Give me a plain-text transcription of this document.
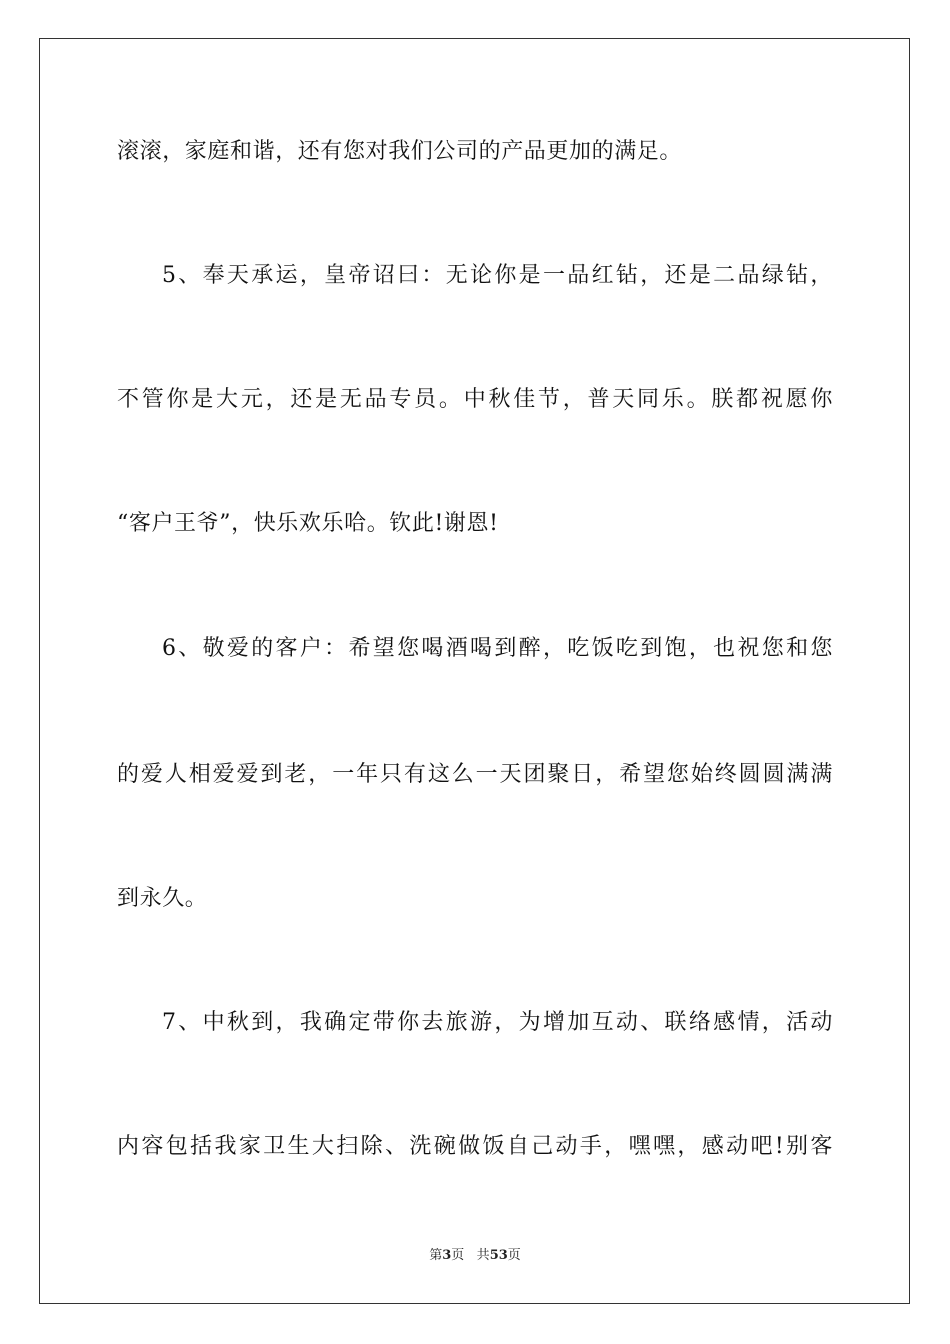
滚滚，家庭和谐，还有您对我们公司的产品更加的满足。
5、奉天承运，皇帝诏曰：无论你是一品红钻，还是二品绿钻，
不管你是大元，还是无品专员。中秋佳节，普天同乐。朕都祝愿你
“客户王爷”，快乐欢乐哈。钦此!谢恩!
6、敬爱的客户：希望您喝酒喝到醉，吃饭吃到饱，也祝您和您
的爱人相爱爱到老，一年只有这么一天团聚日，希望您始终圆圆满满
到永久。
7、中秋到，我确定带你去旅游，为增加互动、联络感情，活动
内容包括我家卫生大扫除、洗碗做饭自己动手，嘿嘿，感动吧!别客
第3页 共53页
